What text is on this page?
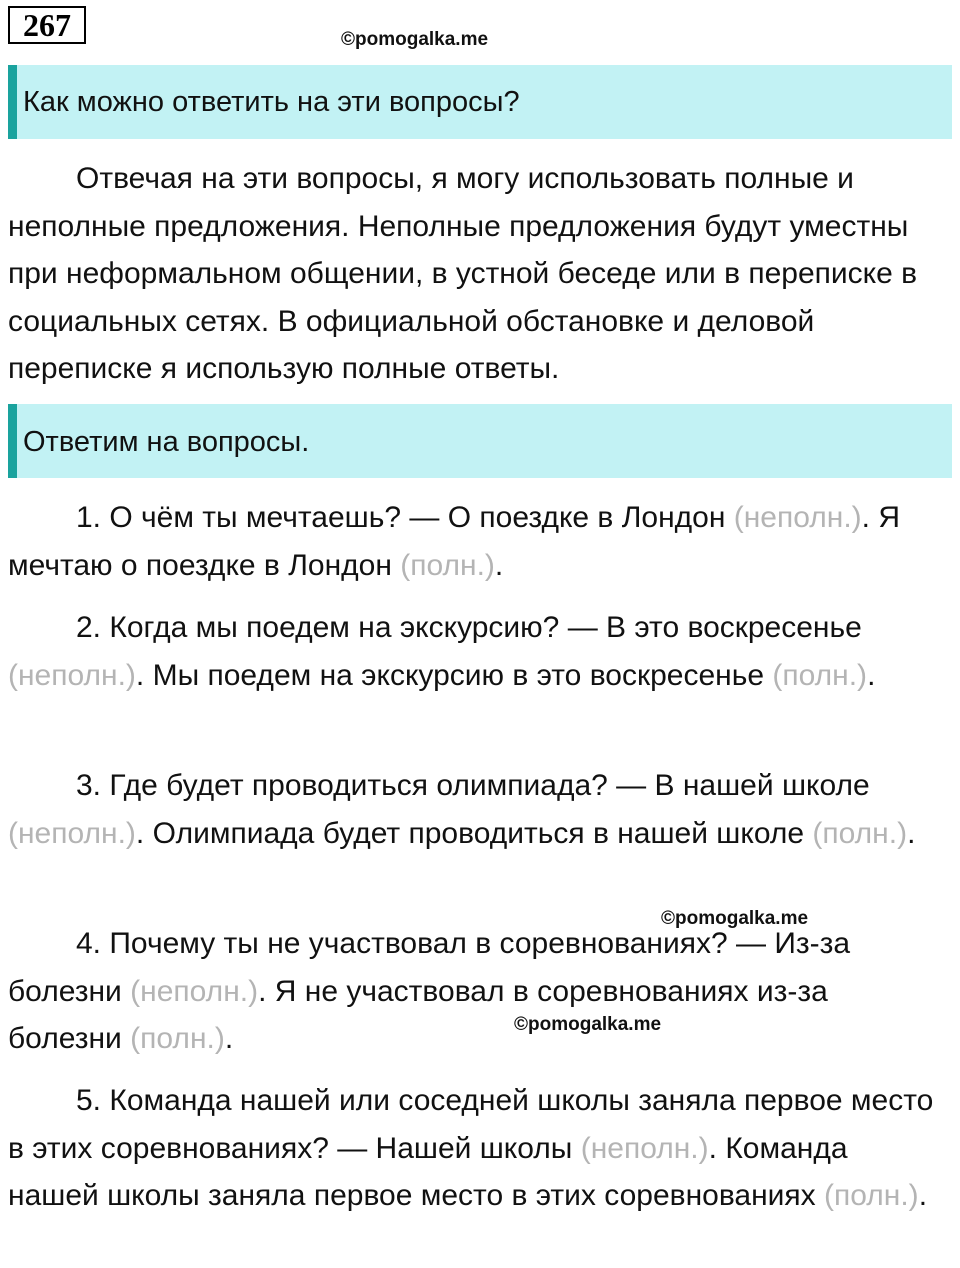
267	©pomogalka.me
Как можно ответить на эти вопросы?
Отвечая на эти вопросы, я могу использовать полные и неполные предложения. Неполные предложения будут уместны при неформальном общении, в устной беседе или в переписке в социальных сетях. В официальной обстановке и деловой переписке я использую полные ответы.
Ответим на вопросы.
1. О чём ты мечтаешь? — О поездке в Лондон (неполн.). Я мечтаю о поездке в Лондон (полн.).
2. Когда мы поедем на экскурсию? — В это воскресенье (неполн.). Мы поедем на экскурсию в это воскресенье (полн.).
3. Где будет проводиться олимпиада? — В нашей школе (неполн.). Олимпиада будет проводиться в нашей школе (полн.).
©pomogalka.me
4. Почему ты не участвовал в соревнованиях? — Из-за болезни (неполн.). Я не участвовал в соревнованиях из-за болезни (полн.).	©pomogalka.me
5. Команда нашей или соседней школы заняла первое место в этих соревнованиях? — Нашей школы (неполн.). Команда нашей школы заняла первое место в этих соревнованиях (полн.).
